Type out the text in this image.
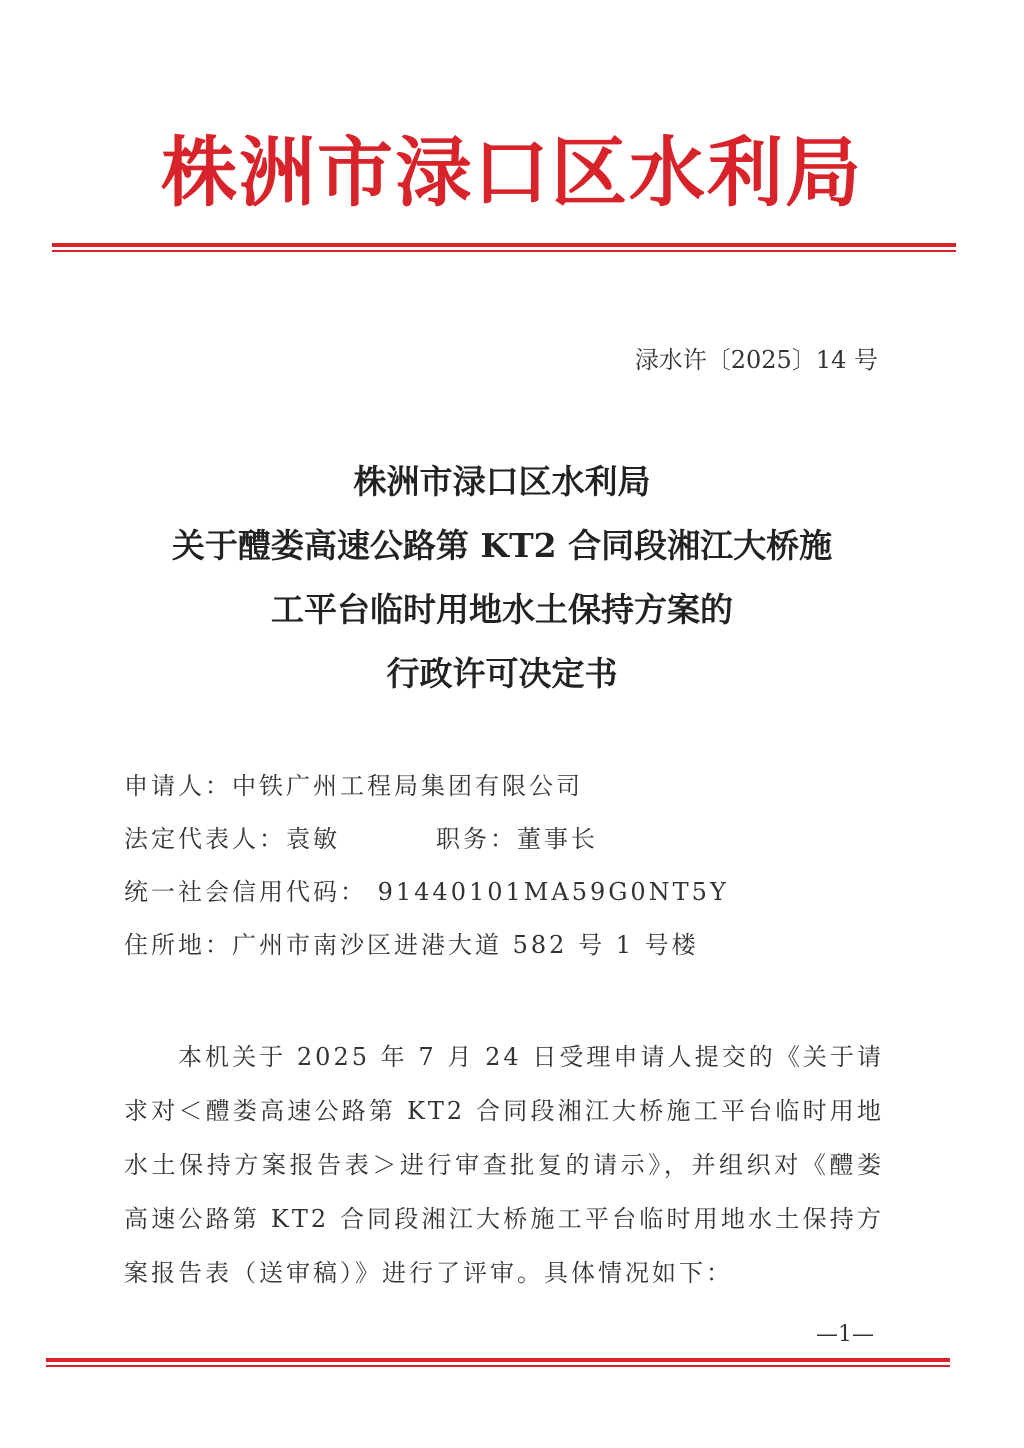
株洲市渌口区水利局
渌水许〔2025〕14 号

株洲市渌口区水利局

关于醴娄高速公路第 KT2 合同段湘江大桥施

工平台临时用地水土保持方案的

行政许可决定书

申请人：中铁广州工程局集团有限公司
法定代表人：袁敏	职务：董事长
统一社会信用代码： 91440101MA59G0NT5Y
住所地：广州市南沙区进港大道 582 号 1 号楼

本机关于 2025 年 7 月 24 日受理申请人提交的《关于请求对＜醴娄高速公路第 KT2 合同段湘江大桥施工平台临时用地水土保持方案报告表＞进行审查批复的请示》，并组织对《醴娄高速公路第 KT2 合同段湘江大桥施工平台临时用地水土保持方案报告表（送审稿）》进行了评审。具体情况如下：

—1—
